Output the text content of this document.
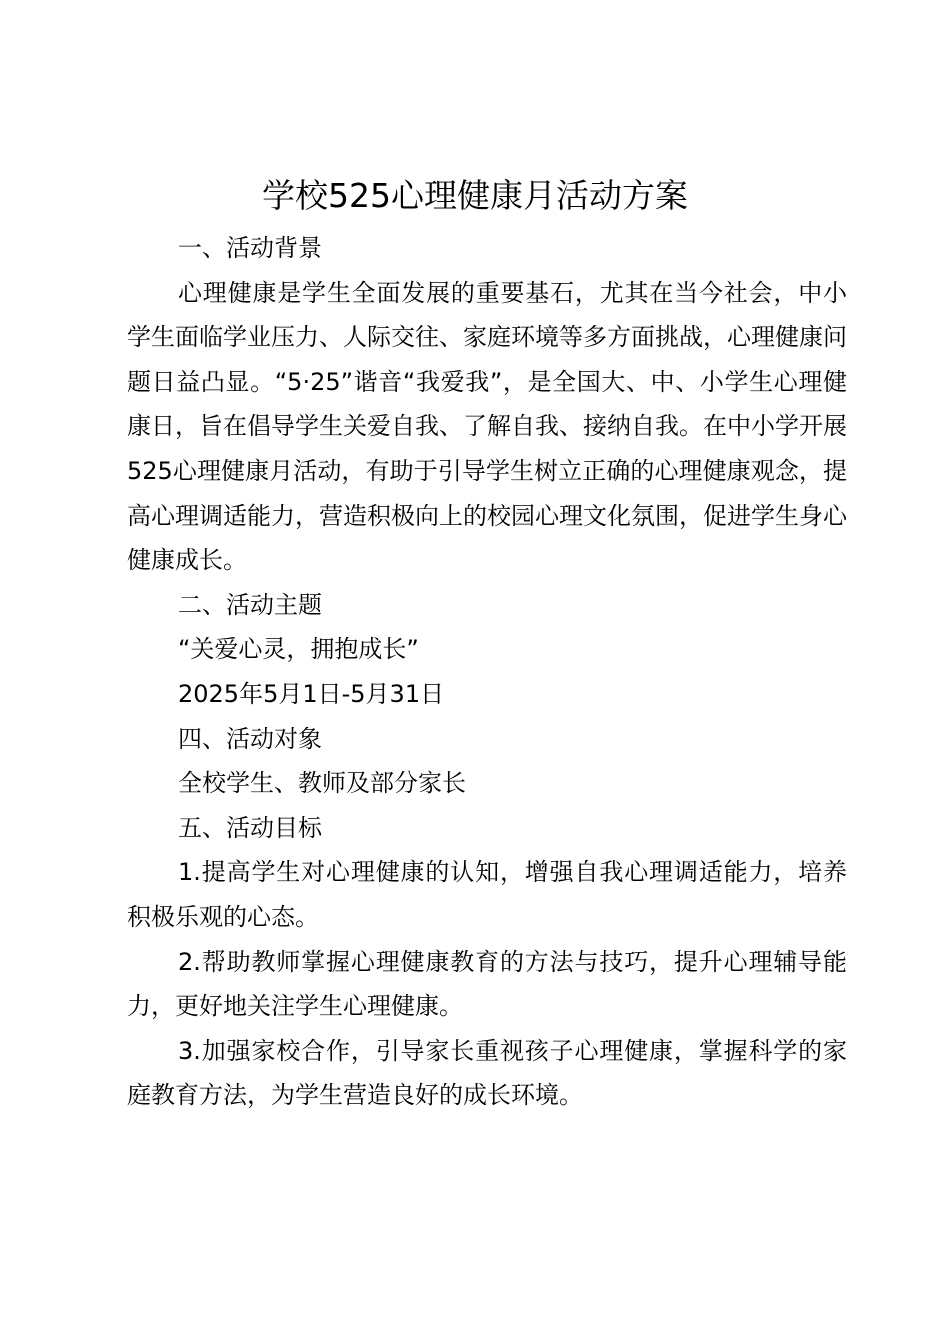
学校525心理健康月活动方案

一、活动背景

心理健康是学生全面发展的重要基石，尤其在当今社会，中小学生面临学业压力、人际交往、家庭环境等多方面挑战，心理健康问题日益凸显。“5·25”谐音“我爱我”，是全国大、中、小学生心理健康日，旨在倡导学生关爱自我、了解自我、接纳自我。在中小学开展525心理健康月活动，有助于引导学生树立正确的心理健康观念，提高心理调适能力，营造积极向上的校园心理文化氛围，促进学生身心健康成长。

二、活动主题

“关爱心灵，拥抱成长”

2025年5月1日-5月31日

四、活动对象

全校学生、教师及部分家长

五、活动目标

1.提高学生对心理健康的认知，增强自我心理调适能力，培养积极乐观的心态。

2.帮助教师掌握心理健康教育的方法与技巧，提升心理辅导能力，更好地关注学生心理健康。

3.加强家校合作，引导家长重视孩子心理健康，掌握科学的家庭教育方法，为学生营造良好的成长环境。
